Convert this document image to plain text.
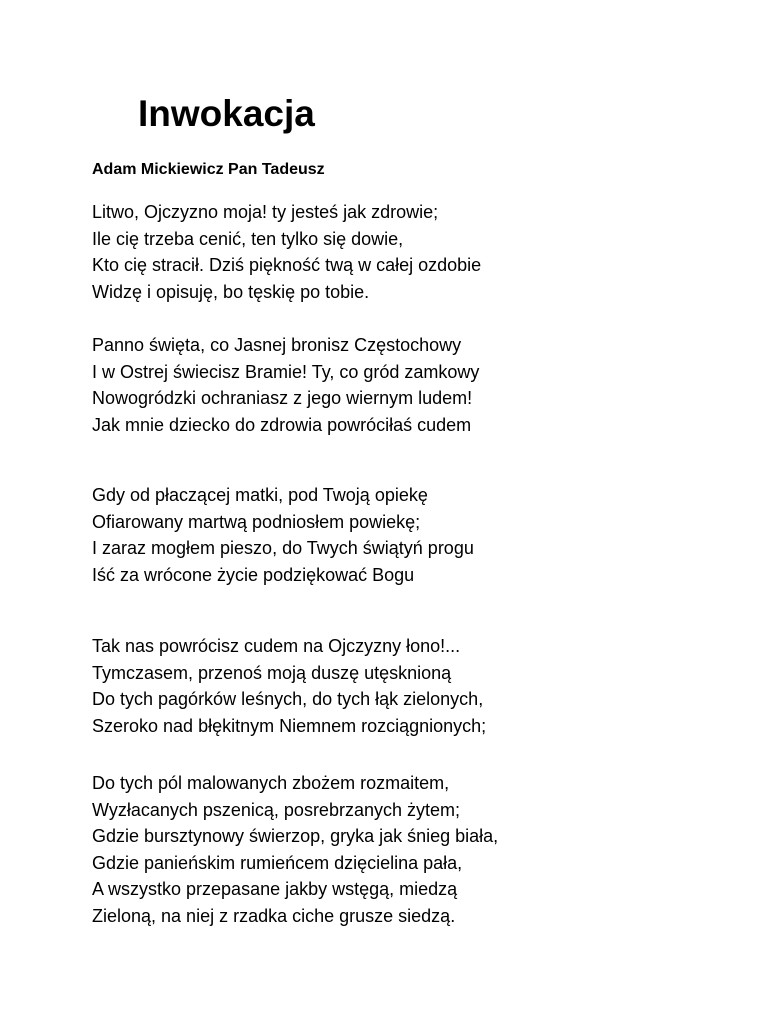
Inwokacja
Adam Mickiewicz Pan Tadeusz

Litwo, Ojczyzno moja! ty jesteś jak zdrowie;
Ile cię trzeba cenić, ten tylko się dowie,
Kto cię stracił. Dziś piękność twą w całej ozdobie
Widzę i opisuję, bo tęskię po tobie.

Panno święta, co Jasnej bronisz Częstochowy
I w Ostrej świecisz Bramie! Ty, co gród zamkowy
Nowogródzki ochraniasz z jego wiernym ludem!
Jak mnie dziecko do zdrowia powróciłaś cudem

Gdy od płaczącej matki, pod Twoją opiekę
Ofiarowany martwą podniosłem powiekę;
I zaraz mogłem pieszo, do Twych świątyń progu
Iść za wrócone życie podziękować Bogu

Tak nas powrócisz cudem na Ojczyzny łono!...
Tymczasem, przenoś moją duszę utęsknioną
Do tych pagórków leśnych, do tych łąk zielonych,
Szeroko nad błękitnym Niemnem rozciągnionych;

Do tych pól malowanych zbożem rozmaitem,
Wyzłacanych pszenicą, posrebrzanych żytem;
Gdzie bursztynowy świerzop, gryka jak śnieg biała,
Gdzie panieńskim rumieńcem dzięcielina pała,
A wszystko przepasane jakby wstęgą, miedzą
Zieloną, na niej z rzadka ciche grusze siedzą.
